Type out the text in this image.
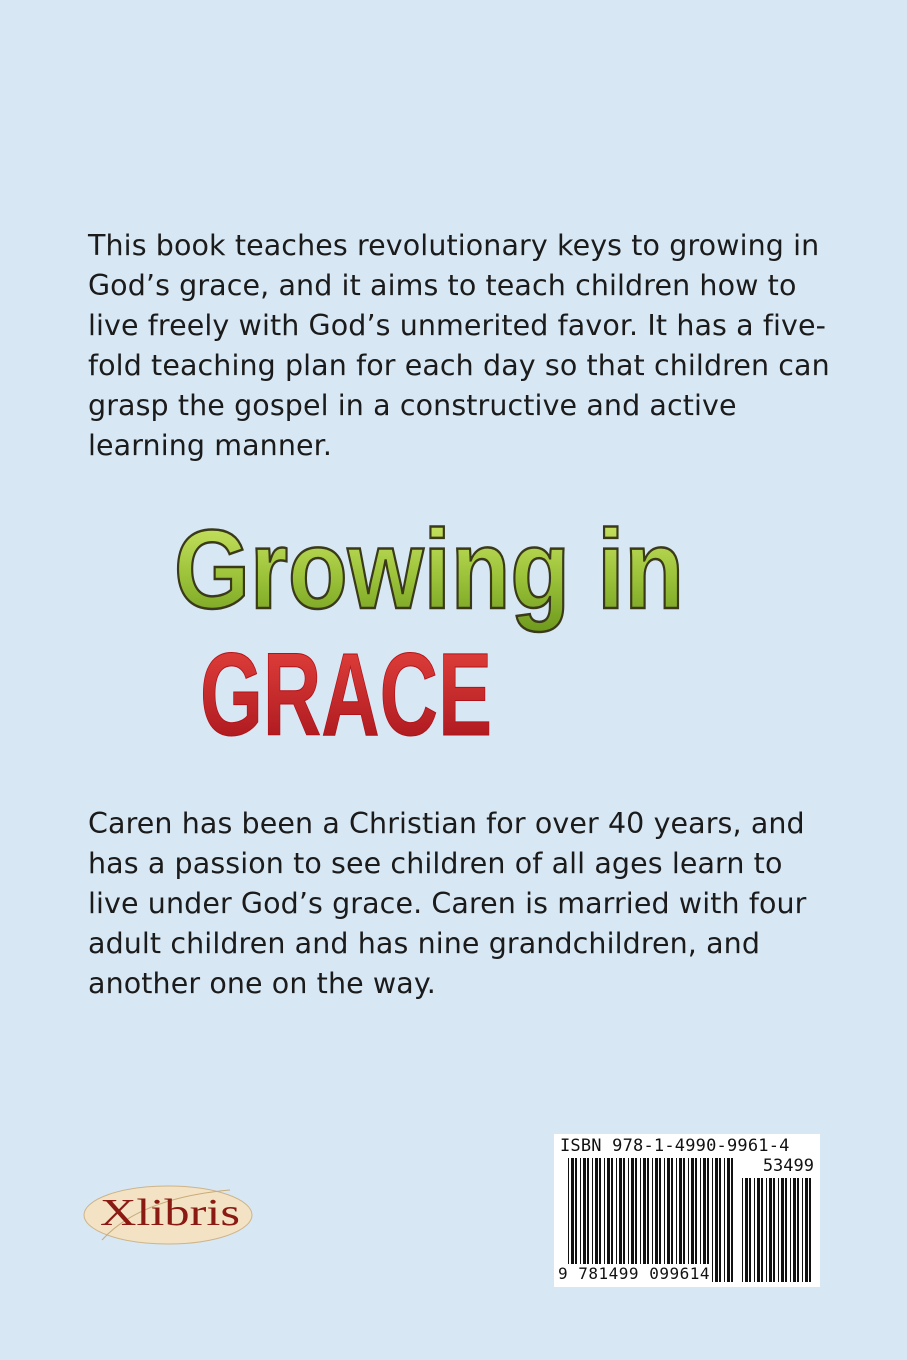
This book teaches revolutionary keys to growing in God’s grace, and it aims to teach children how to live freely with God’s unmerited favor. It has a five-fold teaching plan for each day so that children can grasp the gospel in a constructive and active learning manner.

Growing in
GRACE

Caren has been a Christian for over 40 years, and has a passion to see children of all ages learn to live under God’s grace. Caren is married with four adult children and has nine grandchildren, and another one on the way.

Xlibris
ISBN 978-1-4990-9961-4
53499
9 781499 099614
